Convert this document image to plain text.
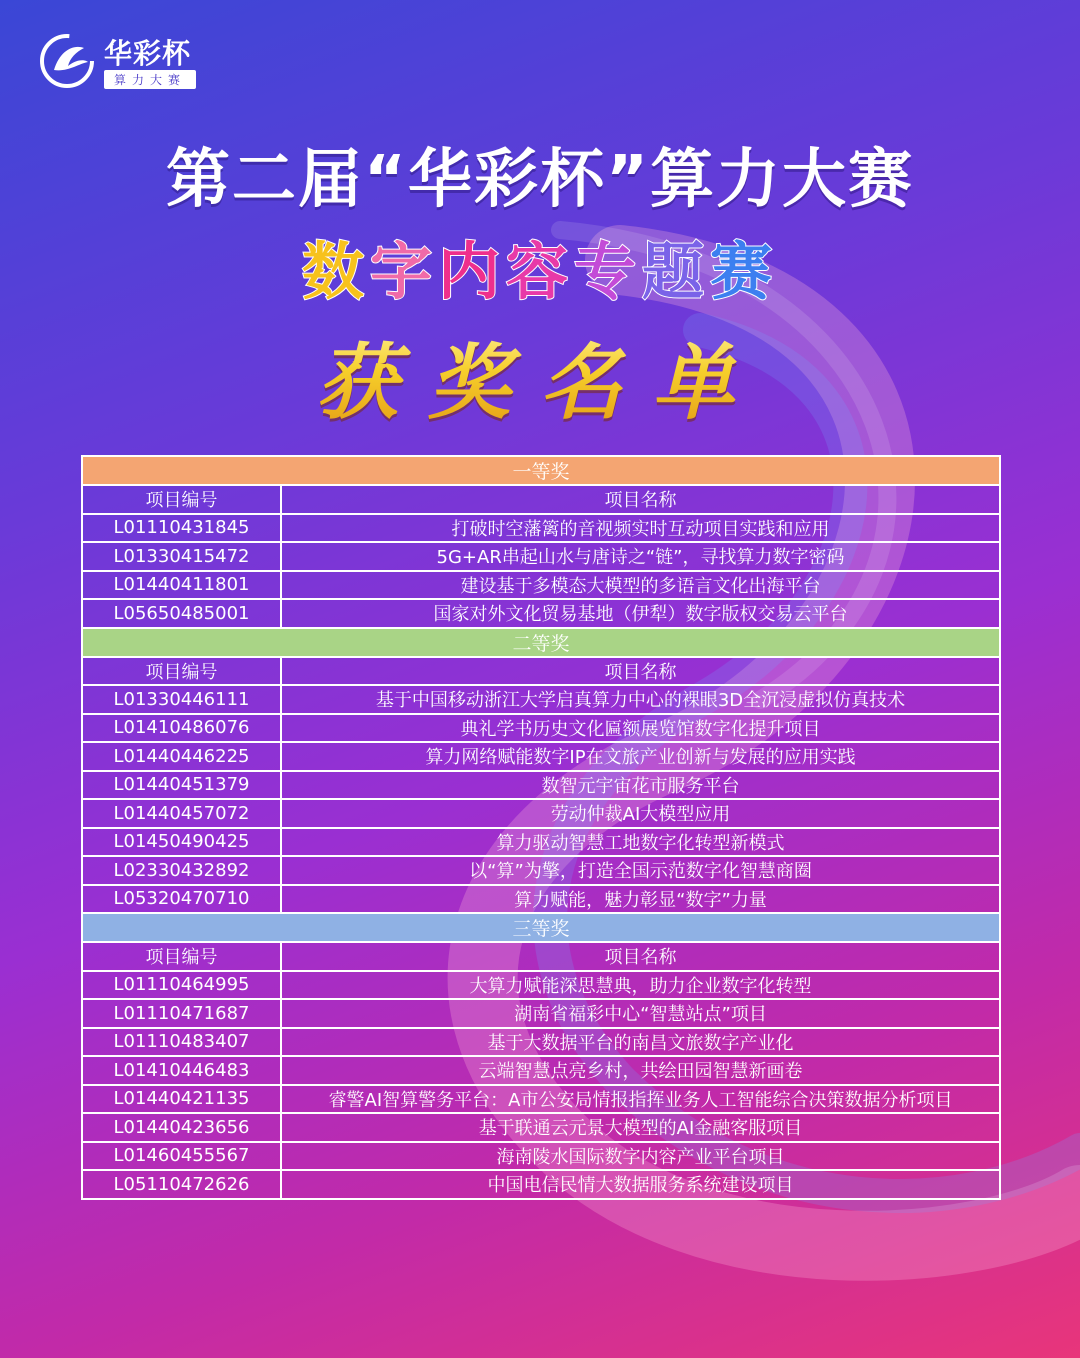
华彩杯
算力大赛
第二届“华彩杯”算力大赛
数字内容专题赛
获奖名单
一等奖	
项目编号	项目名称
L01110431845	打破时空藩篱的音视频实时互动项目实践和应用
L01330415472	5G+AR串起山水与唐诗之“链”，寻找算力数字密码
L01440411801	建设基于多模态大模型的多语言文化出海平台
L05650485001	国家对外文化贸易基地（伊犁）数字版权交易云平台
二等奖	
项目编号	项目名称
L01330446111	基于中国移动浙江大学启真算力中心的裸眼3D全沉浸虚拟仿真技术
L01410486076	典礼学书历史文化匾额展览馆数字化提升项目
L01440446225	算力网络赋能数字IP在文旅产业创新与发展的应用实践
L01440451379	数智元宇宙花市服务平台
L01440457072	劳动仲裁AI大模型应用
L01450490425	算力驱动智慧工地数字化转型新模式
L02330432892	以“算”为擎，打造全国示范数字化智慧商圈
L05320470710	算力赋能，魅力彰显“数字”力量
三等奖	
项目编号	项目名称
L01110464995	大算力赋能深思慧典，助力企业数字化转型
L01110471687	湖南省福彩中心“智慧站点”项目
L01110483407	基于大数据平台的南昌文旅数字产业化
L01410446483	云端智慧点亮乡村，共绘田园智慧新画卷
L01440421135	睿警AI智算警务平台：A市公安局情报指挥业务人工智能综合决策数据分析项目
L01440423656	基于联通云元景大模型的AI金融客服项目
L01460455567	海南陵水国际数字内容产业平台项目
L05110472626	中国电信民情大数据服务系统建设项目
